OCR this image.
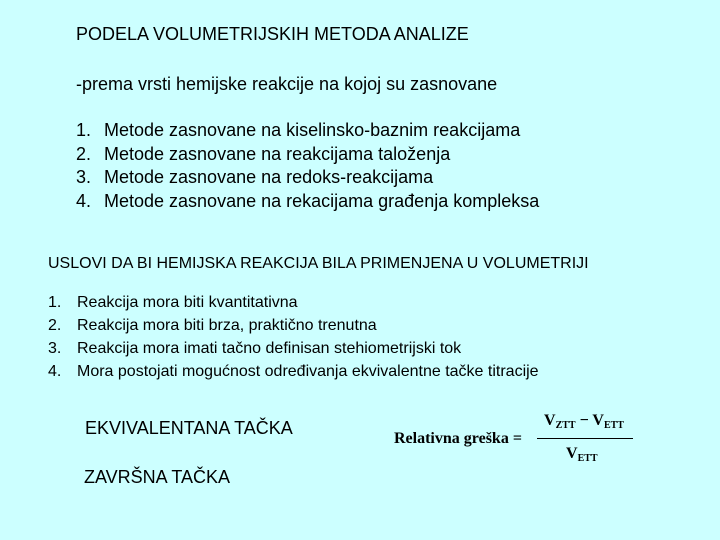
PODELA VOLUMETRIJSKIH METODA ANALIZE
-prema vrsti hemijske reakcije na kojoj su zasnovane
1. Metode zasnovane na kiselinsko-baznim reakcijama
2. Metode zasnovane na reakcijama taloženja
3. Metode zasnovane na redoks-reakcijama
4. Metode zasnovane na rekacijama građenja kompleksa
USLOVI DA BI HEMIJSKA REAKCIJA BILA PRIMENJENA U VOLUMETRIJI
1. Reakcija mora biti kvantitativna
2. Reakcija mora biti brza, praktično trenutna
3. Reakcija mora imati tačno definisan stehiometrijski tok
4. Mora postojati mogućnost određivanja ekvivalentne tačke titracije
EKVIVALENTANA TAČKA
ZAVRŠNA TAČKA
Relativna greška =
$V_{ZTT} - V_{ETT}$
$V_{ETT}$
